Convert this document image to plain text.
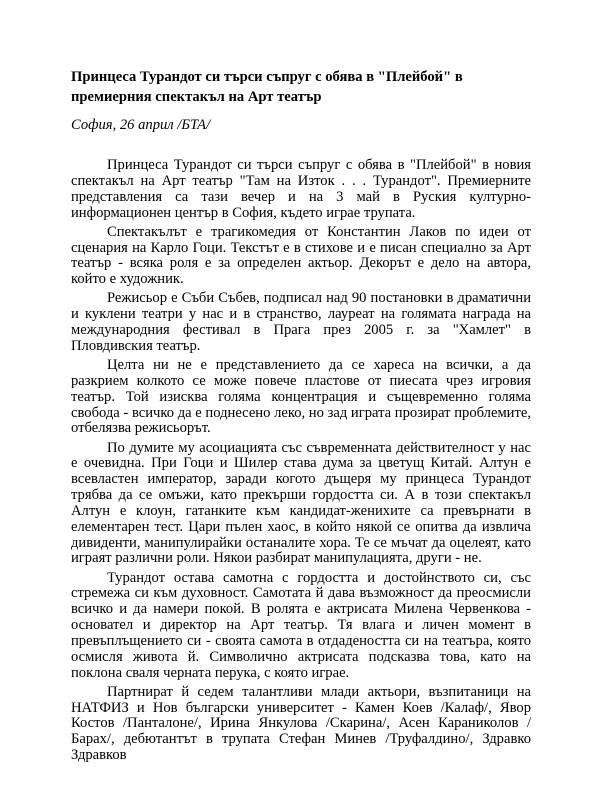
Принцеса Турандот си търси съпруг с обява в "Плейбой" в премиерния спектакъл на Арт театър

София, 26 април /БТА/

Принцеса Турандот си търси съпруг с обява в "Плейбой" в новия спектакъл на Арт театър "Там на Изток . . . Турандот". Премиерните представления са тази вечер и на 3 май в Руския културно-информационен център в София, където играе трупата.

Спектакълът е трагикомедия от Константин Лаков по идеи от сценария на Карло Гоци. Текстът е в стихове и е писан специално за Арт театър - всяка роля е за определен актьор. Декорът е дело на автора, който е художник.

Режисьор е Съби Събев, подписал над 90 постановки в драматични и куклени театри у нас и в странство, лауреат на голямата награда на международния фестивал в Прага през 2005 г. за "Хамлет" в Пловдивския театър.

Целта ни не е представлението да се хареса на всички, а да разкрием колкото се може повече пластове от пиесата чрез игровия театър. Той изисква голяма концентрация и същевременно голяма свобода - всичко да е поднесено леко, но зад играта прозират проблемите, отбелязва режисьорът.

По думите му асоциацията със съвременната действителност у нас е очевидна. При Гоци и Шилер става дума за цветущ Китай. Алтун е всевластен император, заради когото дъщеря му принцеса Турандот трябва да се омъжи, като прекърши гордостта си. А в този спектакъл Алтун е клоун, гатанките към кандидат-женихите са превърнати в елементарен тест. Цари пълен хаос, в който някой се опитва да извлича дивиденти, манипулирайки останалите хора. Те се мъчат да оцелеят, като играят различни роли. Някои разбират манипулацията, други - не.

Турандот остава самотна с гордостта и достойнството си, със стремежа си към духовност. Самотата й дава възможност да преосмисли всичко и да намери покой. В ролята е актрисата Милена Червенкова - основател и директор на Арт театър. Тя влага и личен момент в превъплъщението си - своята самота в отдадеността си на театъра, която осмисля живота й. Символично актрисата подсказва това, като на поклона сваля черната перука, с която играе.

Партнират й седем талантливи млади актьори, възпитаници на НАТФИЗ и Нов български университет - Камен Коев /Калаф/, Явор Костов /Панталоне/, Ирина Янкулова /Скарина/, Асен Караниколов /Барах/, дебютантът в трупата Стефан Минев /Труфалдино/, Здравко Здравков
